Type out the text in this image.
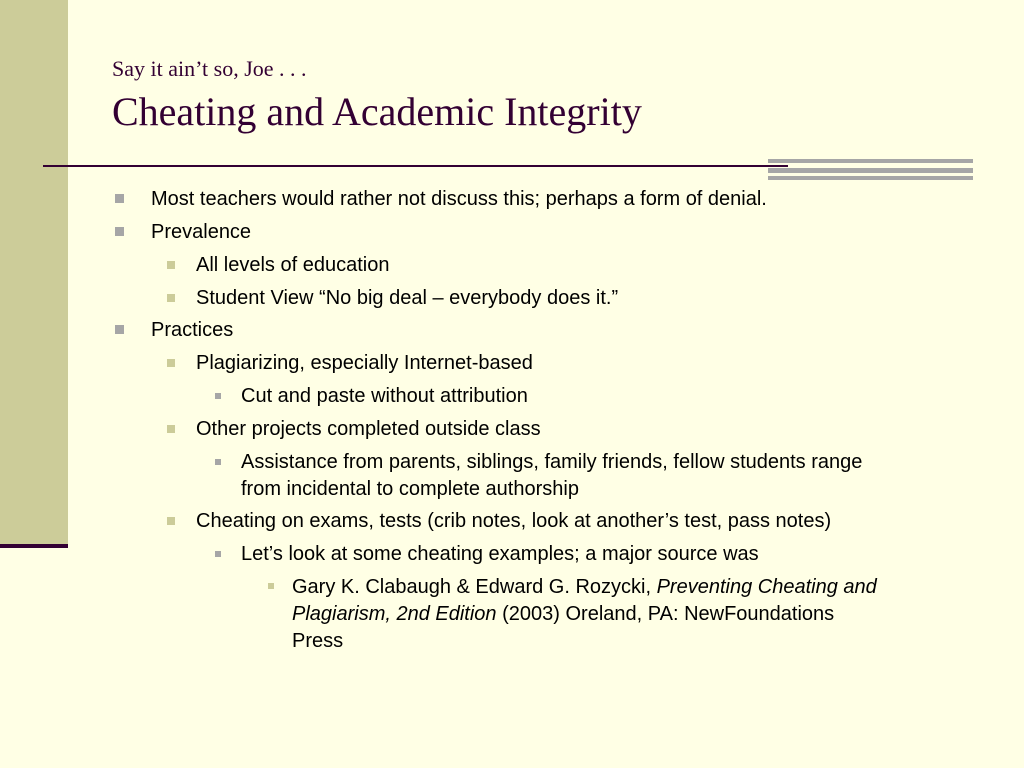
Say it ain’t so, Joe . . .
Cheating and Academic Integrity
Most teachers would rather not discuss this; perhaps a form of denial.
Prevalence
All levels of education
Student View “No big deal – everybody does it.”
Practices
Plagiarizing, especially Internet-based
Cut and paste without attribution
Other projects completed outside class
Assistance from parents, siblings, family friends, fellow students range
from incidental to complete authorship
Cheating on exams, tests (crib notes, look at another’s test, pass notes)
Let’s look at some cheating examples; a major source was
Gary K. Clabaugh & Edward G. Rozycki, Preventing Cheating and
Plagiarism, 2nd Edition (2003) Oreland, PA: NewFoundations
Press
